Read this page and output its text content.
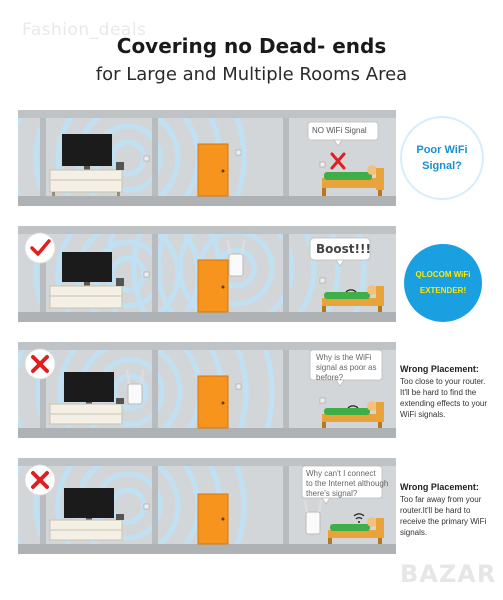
Fashion_deals
Covering no Dead- ends
for Large and Multiple Rooms Area
NO WiFi Signal
Poor WiFi
Signal?
Boost!!!
QLOCOM WiFi
EXTENDER!
Why is the WiFi
signal as poor as
before?
Wrong Placement:
Too close to your router.
It'll be hard to find the
extending effects to your
WiFi signals.
Why can't I connect
to the Internet although
there's signal?
Wrong Placement:
Too far away from your
router.It'll be hard to
receive the primary WiFi
signals.
BAZAR
